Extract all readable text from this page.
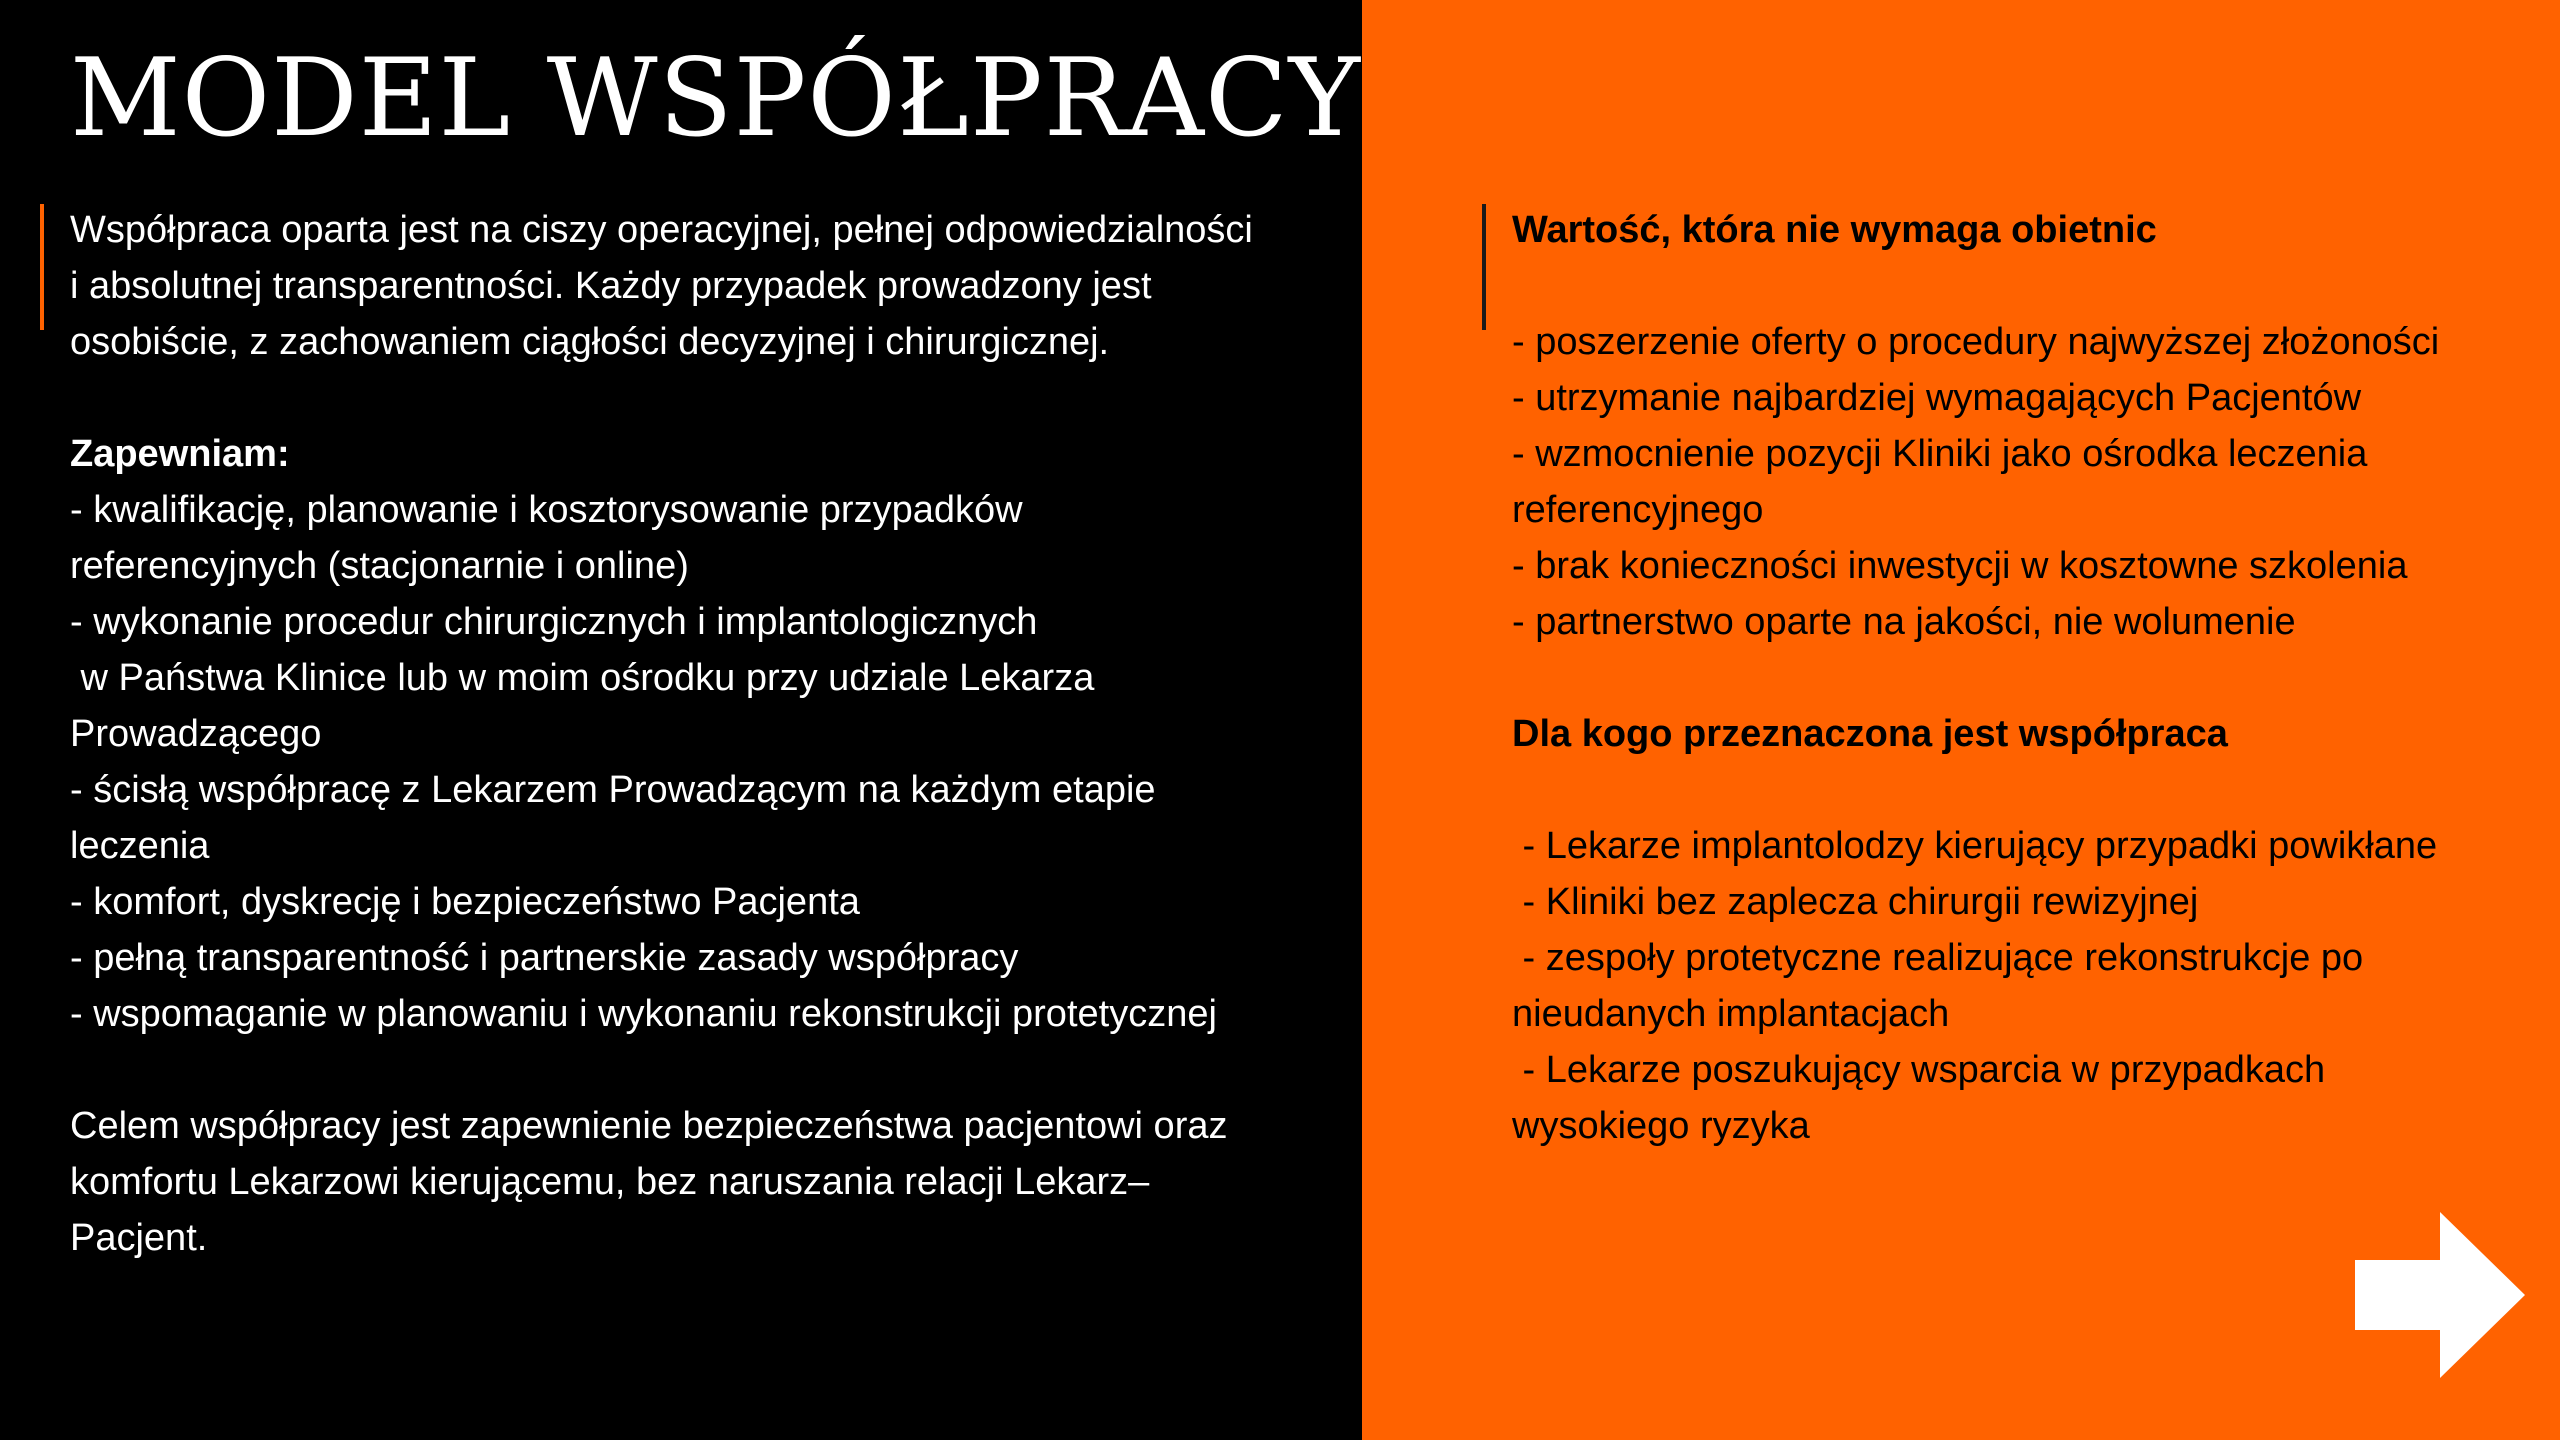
MODEL WSPÓŁPRACY
Współpraca oparta jest na ciszy operacyjnej, pełnej odpowiedzialności
i absolutnej transparentności. Każdy przypadek prowadzony jest
osobiście, z zachowaniem ciągłości decyzyjnej i chirurgicznej.
Zapewniam:
- kwalifikację, planowanie i kosztorysowanie przypadków
referencyjnych (stacjonarnie i online)
- wykonanie procedur chirurgicznych i implantologicznych
w Państwa Klinice lub w moim ośrodku przy udziale Lekarza
Prowadzącego
- ścisłą współpracę z Lekarzem Prowadzącym na każdym etapie
leczenia
- komfort, dyskrecję i bezpieczeństwo Pacjenta
- pełną transparentność i partnerskie zasady współpracy
- wspomaganie w planowaniu i wykonaniu rekonstrukcji protetycznej
Celem współpracy jest zapewnienie bezpieczeństwa pacjentowi oraz
komfortu Lekarzowi kierującemu, bez naruszania relacji Lekarz–
Pacjent.
Wartość, która nie wymaga obietnic
- poszerzenie oferty o procedury najwyższej złożoności
- utrzymanie najbardziej wymagających Pacjentów
- wzmocnienie pozycji Kliniki jako ośrodka leczenia
referencyjnego
- brak konieczności inwestycji w kosztowne szkolenia
- partnerstwo oparte na jakości, nie wolumenie
Dla kogo przeznaczona jest współpraca
- Lekarze implantolodzy kierujący przypadki powikłane
- Kliniki bez zaplecza chirurgii rewizyjnej
- zespoły protetyczne realizujące rekonstrukcje po
nieudanych implantacjach
- Lekarze poszukujący wsparcia w przypadkach
wysokiego ryzyka
